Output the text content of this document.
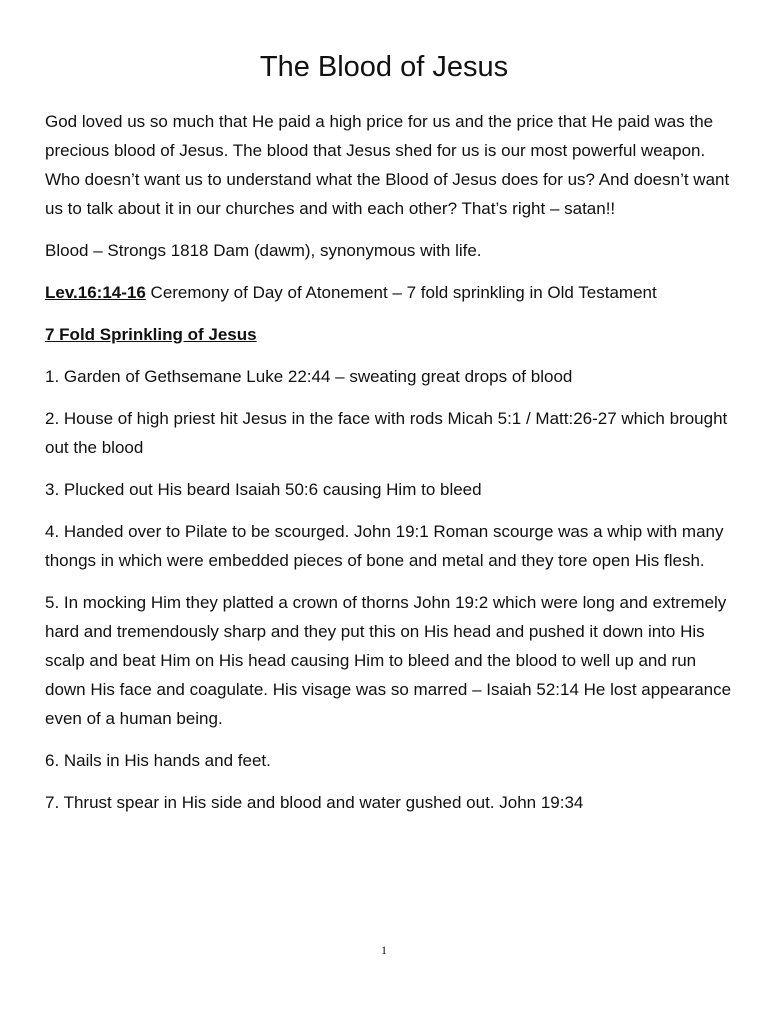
The Blood of Jesus

God loved us so much that He paid a high price for us and the price that He paid was the precious blood of Jesus. The blood that Jesus shed for us is our most powerful weapon. Who doesn’t want us to understand what the Blood of Jesus does for us? And doesn’t want us to talk about it in our churches and with each other? That’s right – satan!!

Blood – Strongs 1818 Dam (dawm), synonymous with life.

Lev.16:14-16 Ceremony of Day of Atonement – 7 fold sprinkling in Old Testament

7 Fold Sprinkling of Jesus

1. Garden of Gethsemane Luke 22:44 – sweating great drops of blood

2. House of high priest hit Jesus in the face with rods Micah 5:1 / Matt:26-27 which brought out the blood

3. Plucked out His beard Isaiah 50:6 causing Him to bleed

4. Handed over to Pilate to be scourged. John 19:1 Roman scourge was a whip with many thongs in which were embedded pieces of bone and metal and they tore open His flesh.

5. In mocking Him they platted a crown of thorns John 19:2 which were long and extremely hard and tremendously sharp and they put this on His head and pushed it down into His scalp and beat Him on His head causing Him to bleed and the blood to well up and run down His face and coagulate. His visage was so marred – Isaiah 52:14 He lost appearance even of a human being.

6. Nails in His hands and feet.

7. Thrust spear in His side and blood and water gushed out. John 19:34

1
